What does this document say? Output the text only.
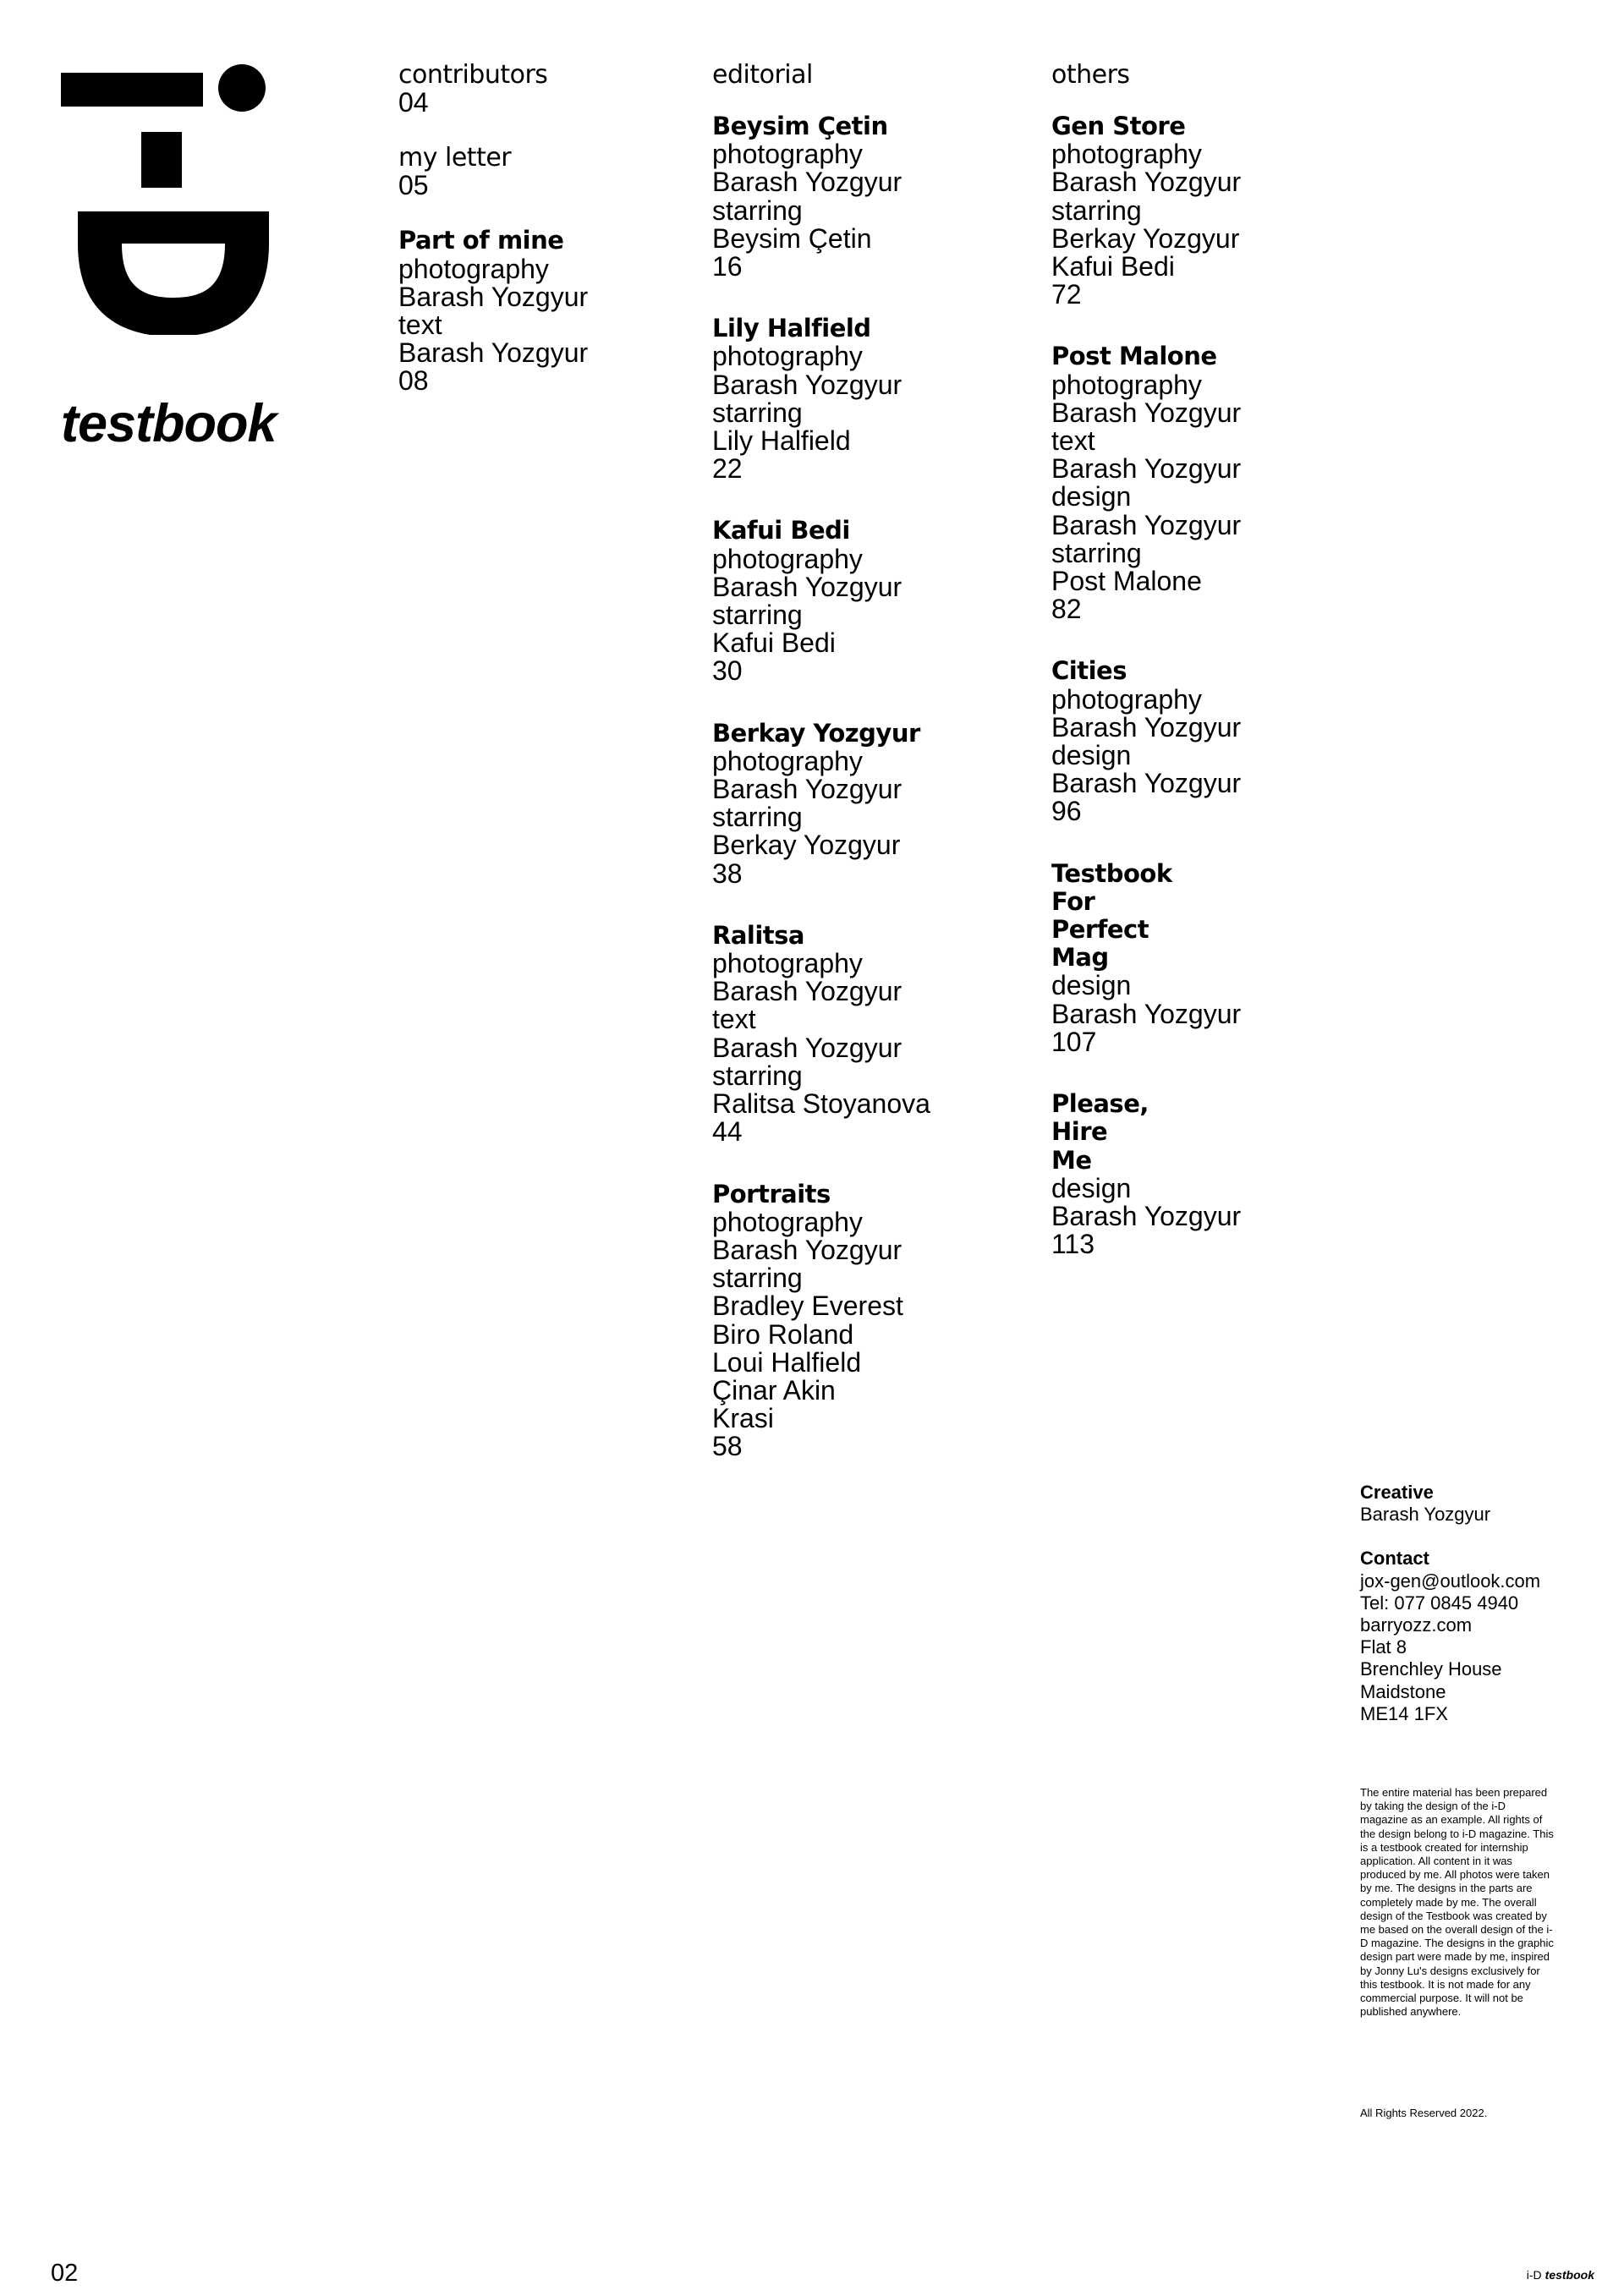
testbook
contributors
04
my letter
05
Part of mine
photography
Barash Yozgyur
text
Barash Yozgyur
08
editorial
Beysim Çetin
photography
Barash Yozgyur
starring
Beysim Çetin
16
Lily Halfield
photography
Barash Yozgyur
starring
Lily Halfield
22
Kafui Bedi
photography
Barash Yozgyur
starring
Kafui Bedi
30
Berkay Yozgyur
photography
Barash Yozgyur
starring
Berkay Yozgyur
38
Ralitsa
photography
Barash Yozgyur
text
Barash Yozgyur
starring
Ralitsa Stoyanova
44
Portraits
photography
Barash Yozgyur
starring
Bradley Everest
Biro Roland
Loui Halfield
Çinar Akin
Krasi
58
others
Gen Store
photography
Barash Yozgyur
starring
Berkay Yozgyur
Kafui Bedi
72
Post Malone
photography
Barash Yozgyur
text
Barash Yozgyur
design
Barash Yozgyur
starring
Post Malone
82
Cities
photography
Barash Yozgyur
design
Barash Yozgyur
96
Testbook
For
Perfect
Mag
design
Barash Yozgyur
107
Please,
Hire
Me
design
Barash Yozgyur
113
Creative
Barash Yozgyur
Contact
jox-gen@outlook.com
Tel: 077 0845 4940
barryozz.com
Flat 8
Brenchley House
Maidstone
ME14 1FX
The entire material has been prepared by taking the design of the i-D magazine as an example. All rights of the design belong to i-D magazine. This is a testbook created for internship application. All content in it was produced by me. All photos were taken by me. The designs in the parts are completely made by me. The overall design of the Testbook was created by me based on the overall design of the i-D magazine. The designs in the graphic design part were made by me, inspired by Jonny Lu's designs exclusively for this testbook. It is not made for any commercial purpose. It will not be published anywhere.
All Rights Reserved 2022.
02	i-D testbook
